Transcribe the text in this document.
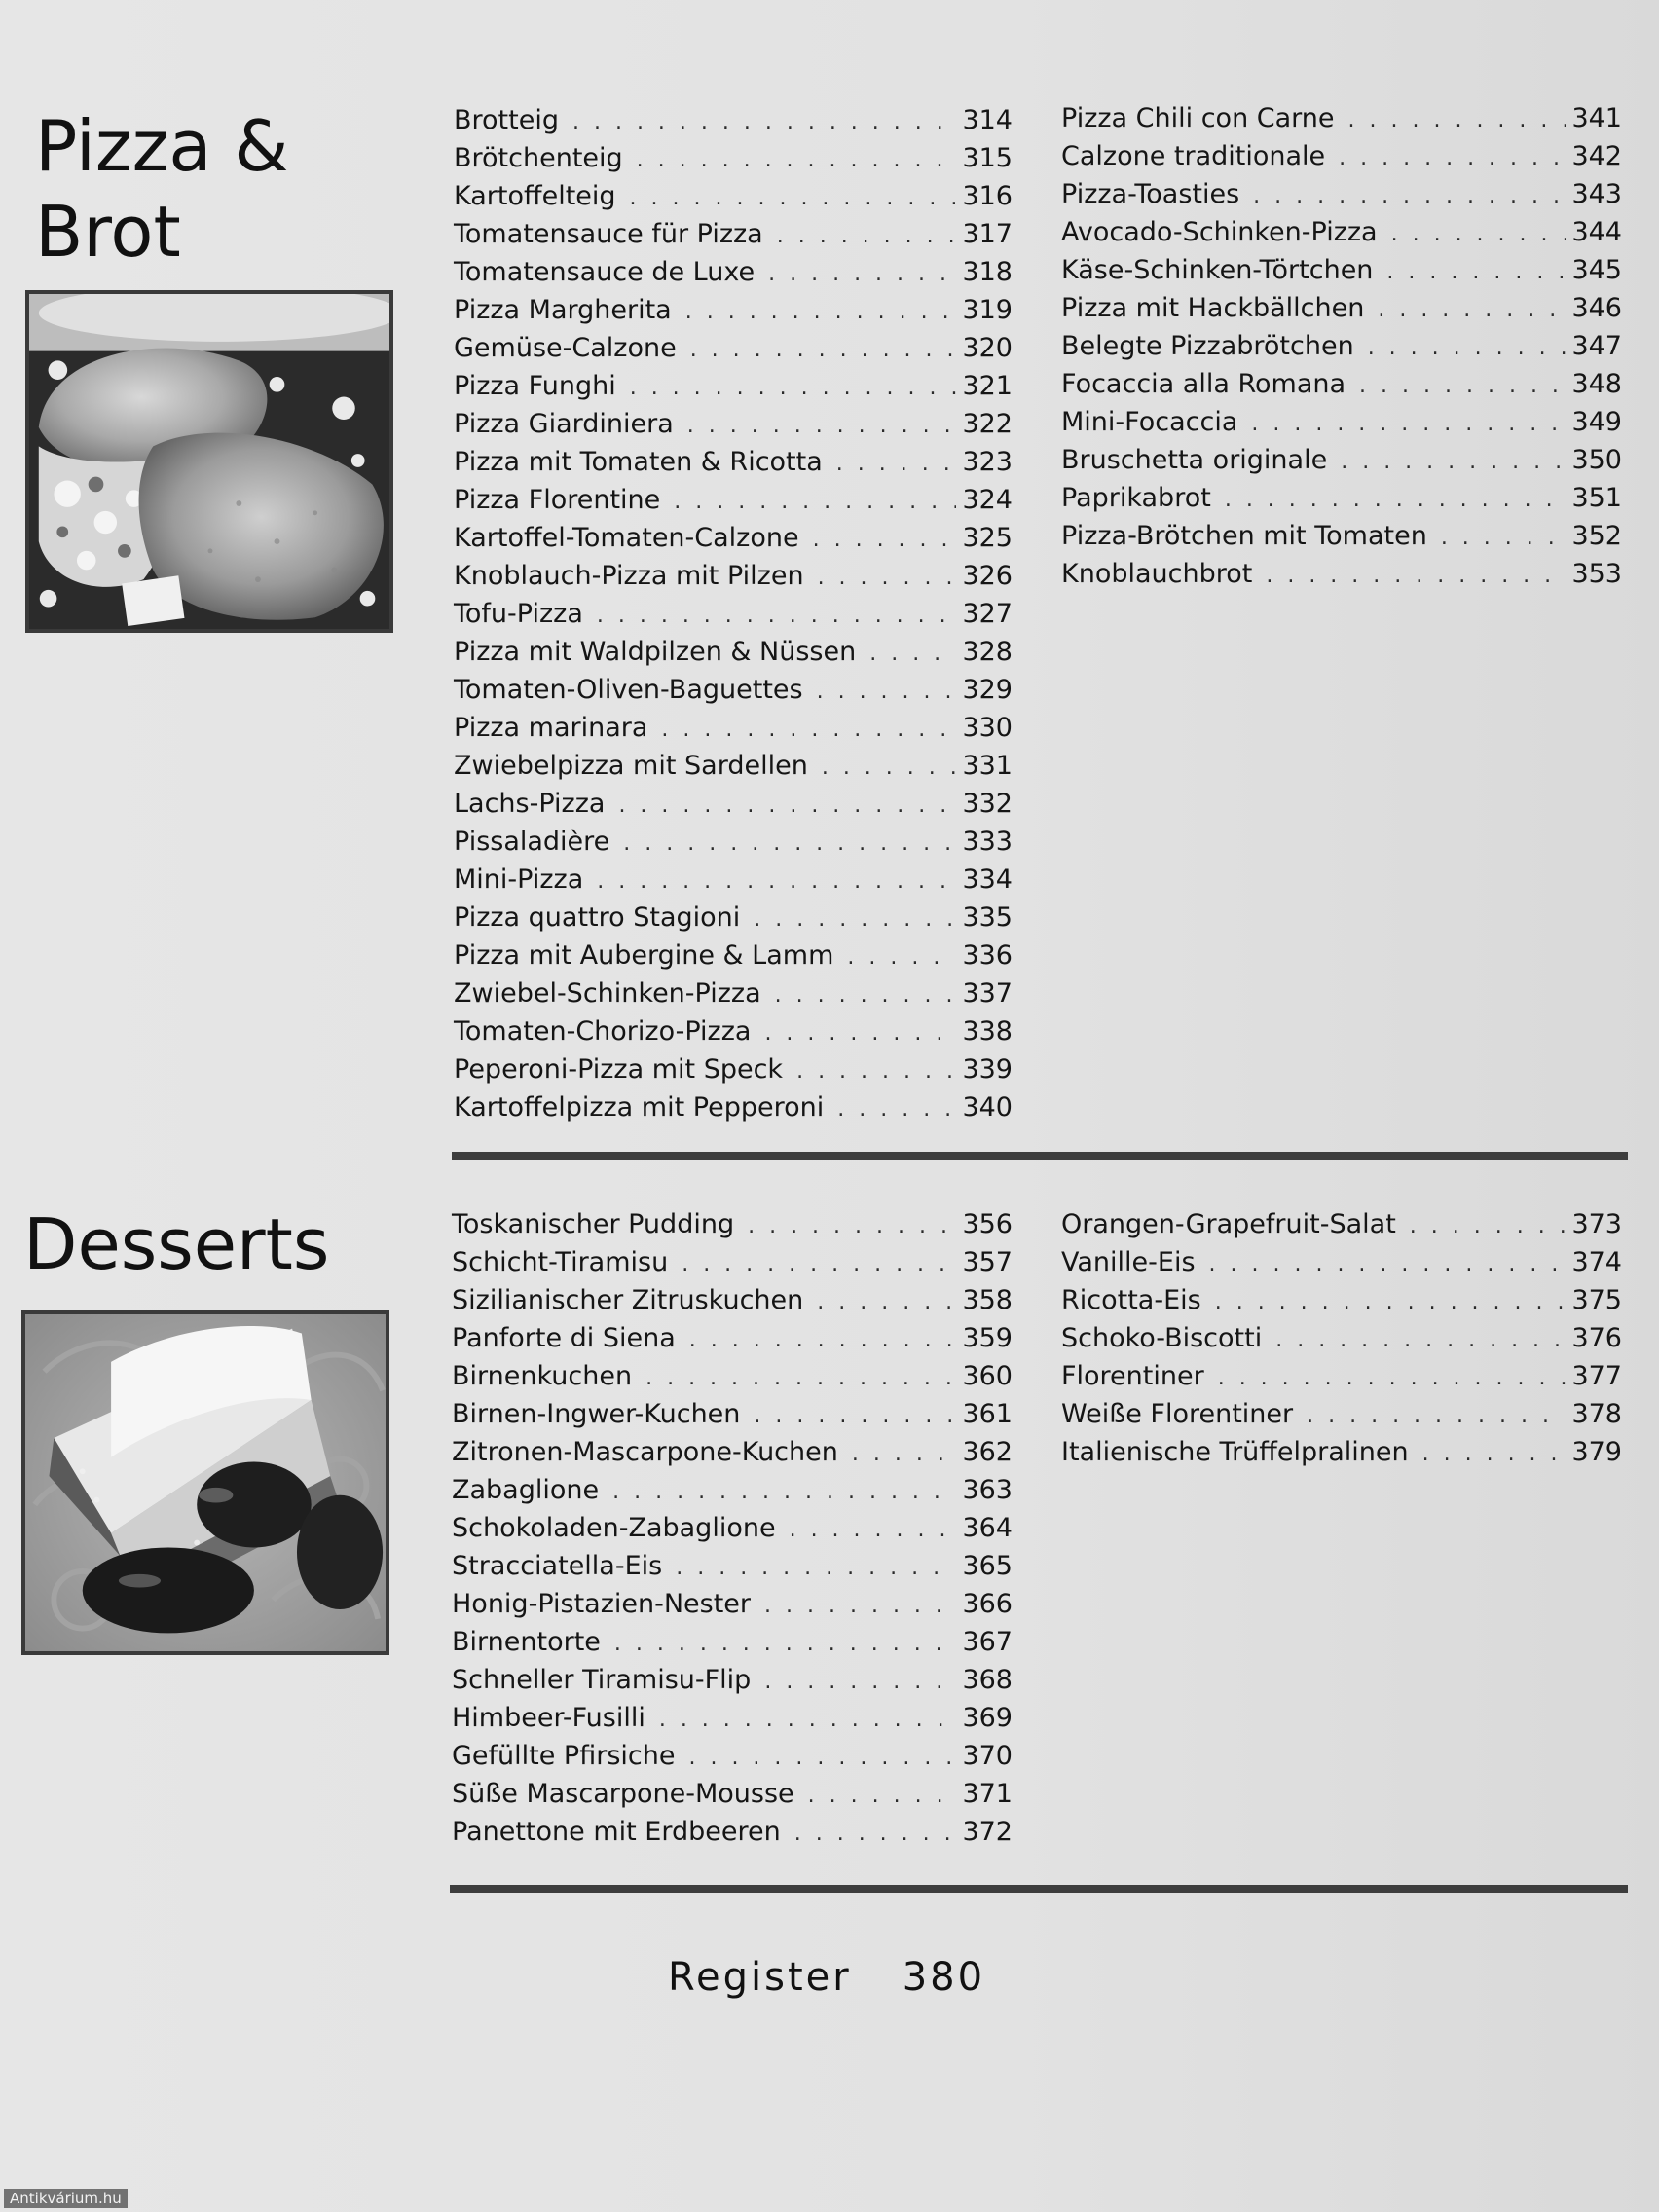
Pizza & Brot
Brotteig . . .	314
Brötchenteig . . .	315
Kartoffelteig . . .	316
Tomatensauce für Pizza . . .	317
Tomatensauce de Luxe . . .	318
Pizza Margherita . . .	319
Gemüse-Calzone . . .	320
Pizza Funghi . . .	321
Pizza Giardiniera . . .	322
Pizza mit Tomaten & Ricotta . . .	323
Pizza Florentine . . .	324
Kartoffel-Tomaten-Calzone . . .	325
Knoblauch-Pizza mit Pilzen . . .	326
Tofu-Pizza . . .	327
Pizza mit Waldpilzen & Nüssen . . .	328
Tomaten-Oliven-Baguettes . . .	329
Pizza marinara . . .	330
Zwiebelpizza mit Sardellen . . .	331
Lachs-Pizza . . .	332
Pissaladière . . .	333
Mini-Pizza . . .	334
Pizza quattro Stagioni . . .	335
Pizza mit Aubergine & Lamm . . .	336
Zwiebel-Schinken-Pizza . . .	337
Tomaten-Chorizo-Pizza . . .	338
Peperoni-Pizza mit Speck . . .	339
Kartoffelpizza mit Pepperoni . . .	340
Pizza Chili con Carne . . .	341
Calzone traditionale . . .	342
Pizza-Toasties . . .	343
Avocado-Schinken-Pizza . . .	344
Käse-Schinken-Törtchen . . .	345
Pizza mit Hackbällchen . . .	346
Belegte Pizzabrötchen . . .	347
Focaccia alla Romana . . .	348
Mini-Focaccia . . .	349
Bruschetta originale . . .	350
Paprikabrot . . .	351
Pizza-Brötchen mit Tomaten . . .	352
Knoblauchbrot . . .	353
Desserts	Toskanischer Pudding . . .	356
Schicht-Tiramisu . . .	357
Sizilianischer Zitruskuchen . . .	358
Panforte di Siena . . .	359
Birnenkuchen . . .	360
Birnen-Ingwer-Kuchen . . .	361
Zitronen-Mascarpone-Kuchen . . .	362
Zabaglione . . .	363
Schokoladen-Zabaglione . . .	364
Stracciatella-Eis . . .	365
Honig-Pistazien-Nester . . .	366
Birnentorte . . .	367
Schneller Tiramisu-Flip . . .	368
Himbeer-Fusilli . . .	369
Gefüllte Pfirsiche . . .	370
Süße Mascarpone-Mousse . . .	371
Panettone mit Erdbeeren . . .	372
Orangen-Grapefruit-Salat . . .	373
Vanille-Eis . . .	374
Ricotta-Eis . . .	375
Schoko-Biscotti . . .	376
Florentiner . . .	377
Weiße Florentiner . . .	378
Italienische Trüffelpralinen . . .	379
Register 380
Antikvárium.hu
